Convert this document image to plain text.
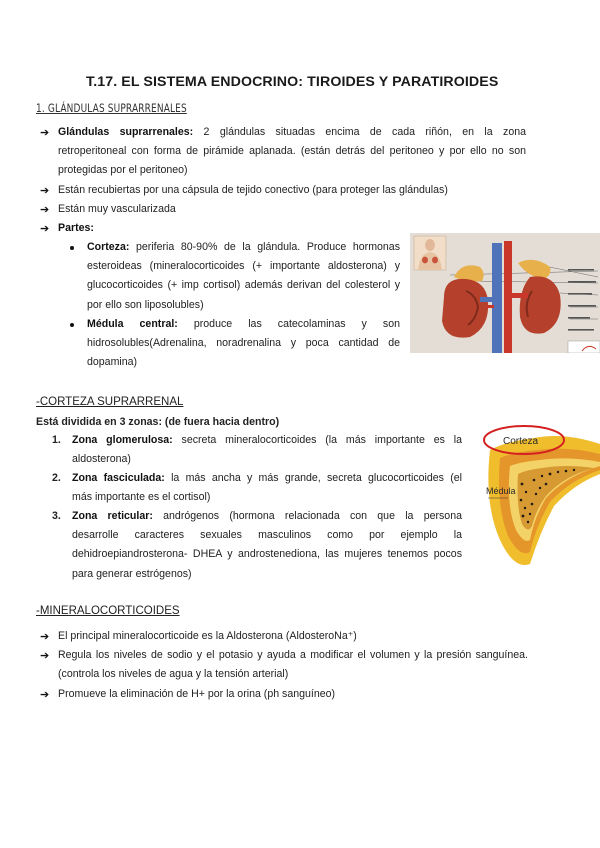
T.17. EL SISTEMA ENDOCRINO: TIROIDES Y PARATIROIDES
1. GLÁNDULAS SUPRARRENALES
➔ Glándulas suprarrenales: 2 glándulas situadas encima de cada riñón, en la zona
retroperitoneal con forma de pirámide aplanada. (están detrás del peritoneo y por ello no son
protegidas por el peritoneo)
➔ Están recubiertas por una cápsula de tejido conectivo (para proteger las glándulas)
➔ Están muy vascularizada
➔ Partes:
Corteza: periferia 80-90% de la glándula. Produce hormonas
esteroideas (mineralocorticoides (+ importante aldosterona) y
glucocorticoides (+ imp cortisol) además derivan del colesterol y
por ello son liposolubles)
Médula central: produce las catecolaminas y son
hidrosolubles(Adrenalina, noradrenalina y poca cantidad de
dopamina)
-CORTEZA SUPRARRENAL
Está dividida en 3 zonas: (de fuera hacia dentro)
1. Zona glomerulosa: secreta mineralocorticoides (la más importante es la
aldosterona)
2. Zona fasciculada: la más ancha y más grande, secreta glucocorticoides (el
más importante es el cortisol)
3. Zona reticular: andrógenos (hormona relacionada con que la persona
desarrolle caracteres sexuales masculinos como por ejemplo la
dehidroepiandrosterona- DHEA y androstenediona, las mujeres tenemos pocos
para generar estrógenos)
Corteza
Médula
-MINERALOCORTICOIDES
➔ El principal mineralocorticoide es la Aldosterona (AldosteroNa⁺)
➔ Regula los niveles de sodio y el potasio y ayuda a modificar el volumen y la presión sanguínea.
(controla los niveles de agua y la tensión arterial)
➔ Promueve la eliminación de H+ por la orina (ph sanguíneo)
